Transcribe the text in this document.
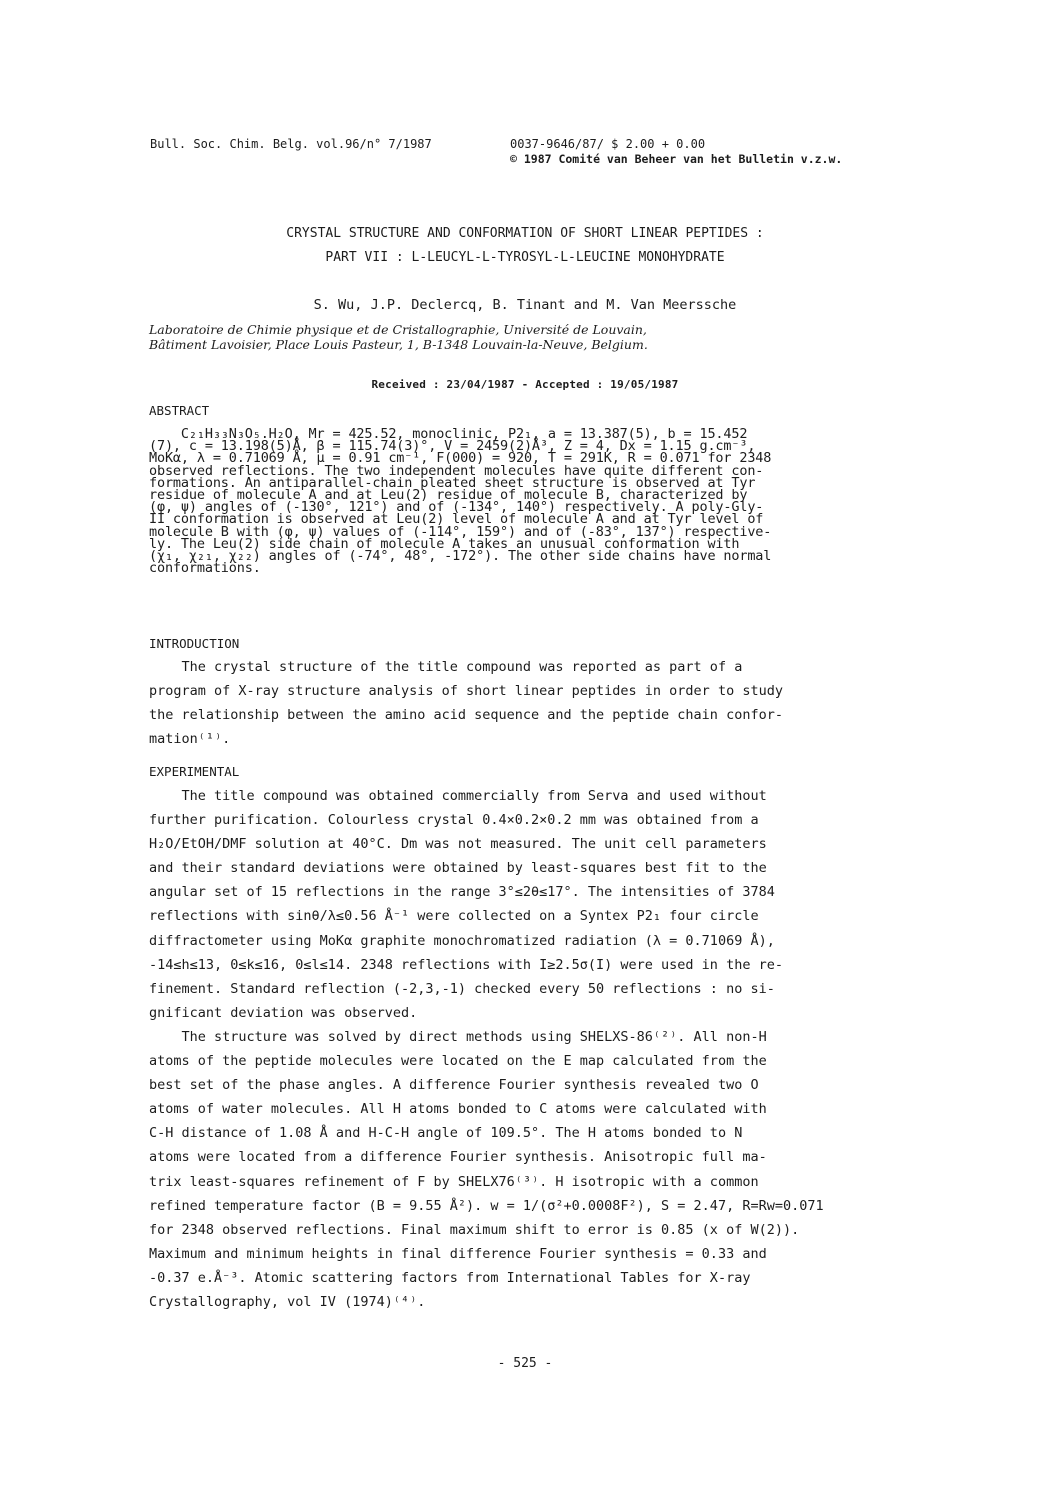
Bull. Soc. Chim. Belg. vol.96/n° 7/1987	0037-9646/87/ $ 2.00 + 0.00
© 1987 Comité van Beheer van het Bulletin v.z.w.
CRYSTAL STRUCTURE AND CONFORMATION OF SHORT LINEAR PEPTIDES :
PART VII : L-LEUCYL-L-TYROSYL-L-LEUCINE MONOHYDRATE
S. Wu, J.P. Declercq, B. Tinant and M. Van Meerssche
Laboratoire de Chimie physique et de Cristallographie, Université de Louvain,
Bâtiment Lavoisier, Place Louis Pasteur, 1, B-1348 Louvain-la-Neuve, Belgium.
Received : 23/04/1987 - Accepted : 19/05/1987
ABSTRACT

C₂₁H₃₃N₃O₅.H₂O, Mr = 425.52, monoclinic, P2₁, a = 13.387(5), b = 15.452

(7), c = 13.198(5)Å, β = 115.74(3)°, V = 2459(2)Å³, Z = 4, Dx = 1.15 g.cm⁻³,

MoKα, λ = 0.71069 Å, μ = 0.91 cm⁻¹, F(000) = 920, T = 291K, R = 0.071 for 2348

observed reflections. The two independent molecules have quite different con-

formations. An antiparallel-chain pleated sheet structure is observed at Tyr

residue of molecule A and at Leu(2) residue of molecule B, characterized by

(φ, ψ) angles of (-130°, 121°) and of (-134°, 140°) respectively. A poly-Gly-

II conformation is observed at Leu(2) level of molecule A and at Tyr level of

molecule B with (φ, ψ) values of (-114°, 159°) and of (-83°, 137°) respective-

ly. The Leu(2) side chain of molecule A takes an unusual conformation with

(χ₁, χ₂₁, χ₂₂) angles of (-74°, 48°, -172°). The other side chains have normal

conformations.

INTRODUCTION

The crystal structure of the title compound was reported as part of a

program of X-ray structure analysis of short linear peptides in order to study

the relationship between the amino acid sequence and the peptide chain confor-

mation⁽¹⁾.

EXPERIMENTAL

The title compound was obtained commercially from Serva and used without

further purification. Colourless crystal 0.4×0.2×0.2 mm was obtained from a

H₂O/EtOH/DMF solution at 40°C. Dm was not measured. The unit cell parameters

and their standard deviations were obtained by least-squares best fit to the

angular set of 15 reflections in the range 3°≤2θ≤17°. The intensities of 3784

reflections with sinθ/λ≤0.56 Å⁻¹ were collected on a Syntex P2₁ four circle

diffractometer using MoKα graphite monochromatized radiation (λ = 0.71069 Å),

-14≤h≤13, 0≤k≤16, 0≤l≤14. 2348 reflections with I≥2.5σ(I) were used in the re-

finement. Standard reflection (-2,3,-1) checked every 50 reflections : no si-

gnificant deviation was observed.

The structure was solved by direct methods using SHELXS-86⁽²⁾. All non-H

atoms of the peptide molecules were located on the E map calculated from the

best set of the phase angles. A difference Fourier synthesis revealed two O

atoms of water molecules. All H atoms bonded to C atoms were calculated with

C-H distance of 1.08 Å and H-C-H angle of 109.5°. The H atoms bonded to N

atoms were located from a difference Fourier synthesis. Anisotropic full ma-

trix least-squares refinement of F by SHELX76⁽³⁾. H isotropic with a common

refined temperature factor (B = 9.55 Å²). w = 1/(σ²+0.0008F²), S = 2.47, R=Rw=0.071

for 2348 observed reflections. Final maximum shift to error is 0.85 (x of W(2)).

Maximum and minimum heights in final difference Fourier synthesis = 0.33 and

-0.37 e.Å⁻³. Atomic scattering factors from International Tables for X-ray

Crystallography, vol IV (1974)⁽⁴⁾.

- 525 -
